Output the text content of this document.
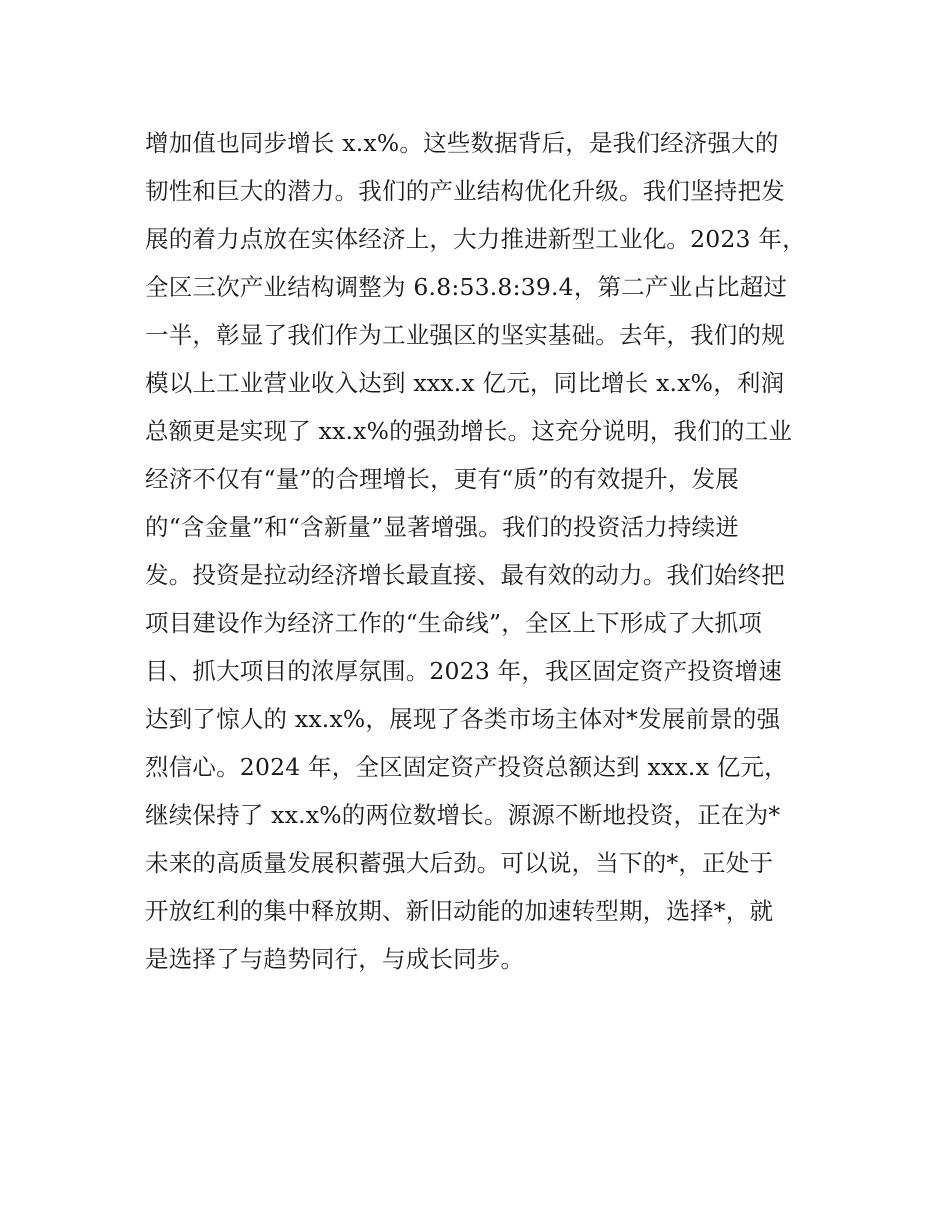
增加值也同步增长 x.x%。这些数据背后，是我们经济强大的
韧性和巨大的潜力。我们的产业结构优化升级。我们坚持把发
展的着力点放在实体经济上，大力推进新型工业化。2023 年，
全区三次产业结构调整为 6.8:53.8:39.4，第二产业占比超过
一半，彰显了我们作为工业强区的坚实基础。去年，我们的规
模以上工业营业收入达到 xxx.x 亿元，同比增长 x.x%，利润
总额更是实现了 xx.x%的强劲增长。这充分说明，我们的工业
经济不仅有“量”的合理增长，更有“质”的有效提升，发展
的“含金量”和“含新量”显著增强。我们的投资活力持续迸
发。投资是拉动经济增长最直接、最有效的动力。我们始终把
项目建设作为经济工作的“生命线”，全区上下形成了大抓项
目、抓大项目的浓厚氛围。2023 年，我区固定资产投资增速
达到了惊人的 xx.x%，展现了各类市场主体对*发展前景的强
烈信心。2024 年，全区固定资产投资总额达到 xxx.x 亿元，
继续保持了 xx.x%的两位数增长。源源不断地投资，正在为*
未来的高质量发展积蓄强大后劲。可以说，当下的*，正处于
开放红利的集中释放期、新旧动能的加速转型期，选择*，就
是选择了与趋势同行，与成长同步。
